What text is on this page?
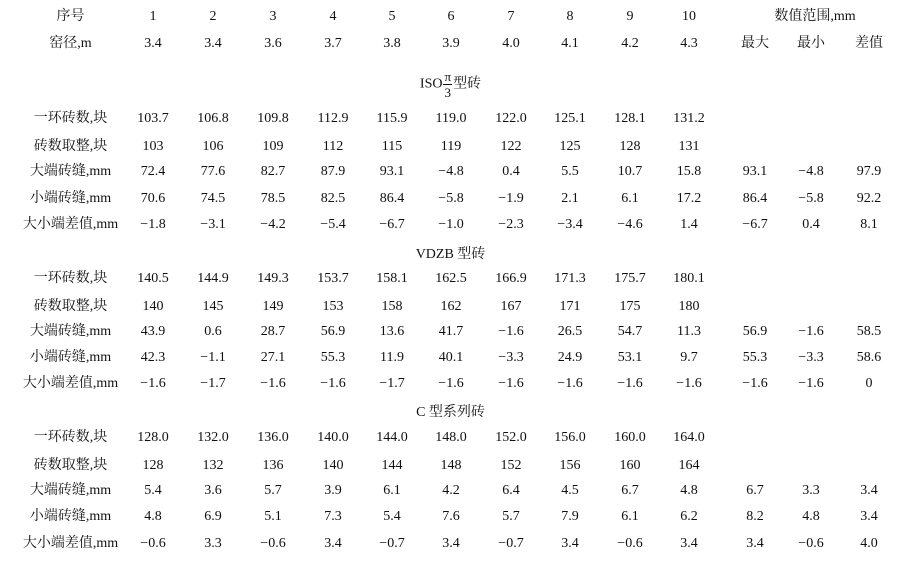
序号	1	2	3	4	5	6	7	8	9	10	数值范围,mm
窑径,m	3.4	3.4	3.6	3.7	3.8	3.9	4.0	4.1	4.2	4.3	最大	最小	差值
ISO $\frac{\pi}{3}$ 型砖
一环砖数,块	103.7	106.8	109.8	112.9	115.9	119.0	122.0	125.1	128.1	131.2
砖数取整,块	103	106	109	112	115	119	122	125	128	131
大端砖缝,mm	72.4	77.6	82.7	87.9	93.1	−4.8	0.4	5.5	10.7	15.8	93.1	−4.8	97.9
小端砖缝,mm	70.6	74.5	78.5	82.5	86.4	−5.8	−1.9	2.1	6.1	17.2	86.4	−5.8	92.2
大小端差值,mm	−1.8	−3.1	−4.2	−5.4	−6.7	−1.0	−2.3	−3.4	−4.6	1.4	−6.7	0.4	8.1
VDZB 型砖
一环砖数,块	140.5	144.9	149.3	153.7	158.1	162.5	166.9	171.3	175.7	180.1
砖数取整,块	140	145	149	153	158	162	167	171	175	180
大端砖缝,mm	43.9	0.6	28.7	56.9	13.6	41.7	−1.6	26.5	54.7	11.3	56.9	−1.6	58.5
小端砖缝,mm	42.3	−1.1	27.1	55.3	11.9	40.1	−3.3	24.9	53.1	9.7	55.3	−3.3	58.6
大小端差值,mm	−1.6	−1.7	−1.6	−1.6	−1.7	−1.6	−1.6	−1.6	−1.6	−1.6	−1.6	−1.6	0
C 型系列砖
一环砖数,块	128.0	132.0	136.0	140.0	144.0	148.0	152.0	156.0	160.0	164.0
砖数取整,块	128	132	136	140	144	148	152	156	160	164
大端砖缝,mm	5.4	3.6	5.7	3.9	6.1	4.2	6.4	4.5	6.7	4.8	6.7	3.3	3.4
小端砖缝,mm	4.8	6.9	5.1	7.3	5.4	7.6	5.7	7.9	6.1	6.2	8.2	4.8	3.4
大小端差值,mm	−0.6	3.3	−0.6	3.4	−0.7	3.4	−0.7	3.4	−0.6	3.4	3.4	−0.6	4.0
